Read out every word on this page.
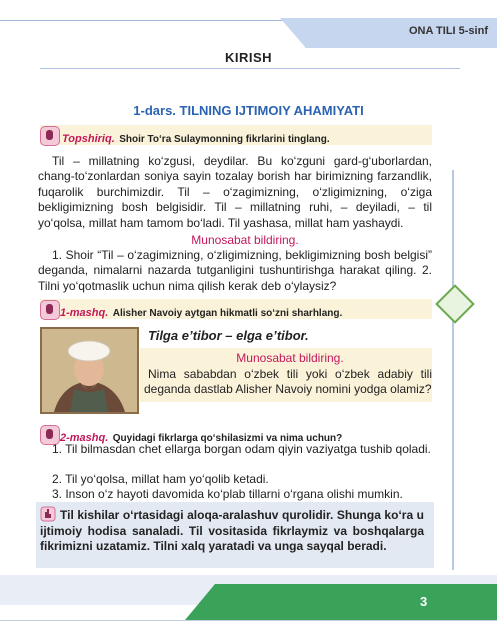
ONA TILI 5-sinf
KIRISH
1-dars. TILNING IJTIMOIY AHAMIYATI
Topshiriq. Shoir To‘ra Sulaymonning fikrlarini tinglang.
Til – millatning ko‘zgusi, deydilar. Bu ko‘zguni gard-g‘uborlardan, chang-to‘zonlardan soniya sayin tozalay borish har birimizning farzandlik, fuqarolik burchimizdir. Til – o‘zagimizning, o‘zligimizning, o‘ziga bekligimizning bosh belgisidir. Til – millatning ruhi, – deyiladi, – til yo‘qolsa, millat ham tamom bo‘ladi. Til yashasa, millat ham yashaydi.
Munosabat bildiring.
1. Shoir “Til – o‘zagimizning, o‘zligimizning, bekligimizning bosh belgisi” deganda, nimalarni nazarda tutganligini tushuntirishga harakat qiling. 2. Tilni yo‘qotmaslik uchun nima qilish kerak deb o‘ylaysiz?
1-mashq. Alisher Navoiy aytgan hikmatli so‘zni sharhlang.
Tilga e’tibor – elga e’tibor.
Munosabat bildiring.
Nima sababdan o‘zbek tili yoki o‘zbek adabiy tili deganda dastlab Alisher Navoiy nomini yodga olamiz?
2-mashq. Quyidagi fikrlarga qo‘shilasizmi va nima uchun?
1. Til bilmasdan chet ellarga borgan odam qiyin vaziyatga tushib qoladi.
2. Til yo‘qolsa, millat ham yo‘qolib ketadi.
3. Inson o‘z hayoti davomida ko‘plab tillarni o‘rgana olishi mumkin.
Til kishilar o‘rtasidagi aloqa-aralashuv qurolidir. Shunga ko‘ra u ijtimoiy hodisa sanaladi. Til vositasida fikrlaymiz va boshqalarga fikrimizni uzatamiz. Tilni xalq yaratadi va unga sayqal beradi.
3
